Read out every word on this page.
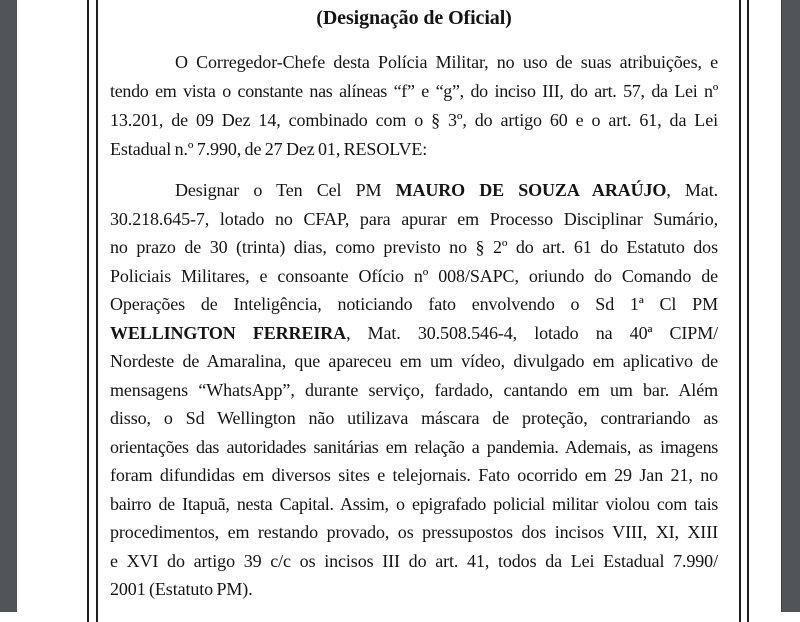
(Designação de Oficial)
O Corregedor-Chefe desta Polícia Militar, no uso de suas atribuições, e
tendo em vista o constante nas alíneas “f” e “g”, do inciso III, do art. 57, da Lei nº
13.201, de 09 Dez 14, combinado com o § 3º, do artigo 60 e o art. 61, da Lei
Estadual n.º 7.990, de 27 Dez 01, RESOLVE:
Designar o Ten Cel PM MAURO DE SOUZA ARAÚJO, Mat.
30.218.645-7, lotado no CFAP, para apurar em Processo Disciplinar Sumário,
no prazo de 30 (trinta) dias, como previsto no § 2º do art. 61 do Estatuto dos
Policiais Militares, e consoante Ofício nº 008/SAPC, oriundo do Comando de
Operações de Inteligência, noticiando fato envolvendo o Sd 1ª Cl PM
WELLINGTON FERREIRA, Mat. 30.508.546-4, lotado na 40ª CIPM/
Nordeste de Amaralina, que apareceu em um vídeo, divulgado em aplicativo de
mensagens “WhatsApp”, durante serviço, fardado, cantando em um bar. Além
disso, o Sd Wellington não utilizava máscara de proteção, contrariando as
orientações das autoridades sanitárias em relação a pandemia. Ademais, as imagens
foram difundidas em diversos sites e telejornais. Fato ocorrido em 29 Jan 21, no
bairro de Itapuã, nesta Capital. Assim, o epigrafado policial militar violou com tais
procedimentos, em restando provado, os pressupostos dos incisos VIII, XI, XIII
e XVI do artigo 39 c/c os incisos III do art. 41, todos da Lei Estadual 7.990/
2001 (Estatuto PM).
